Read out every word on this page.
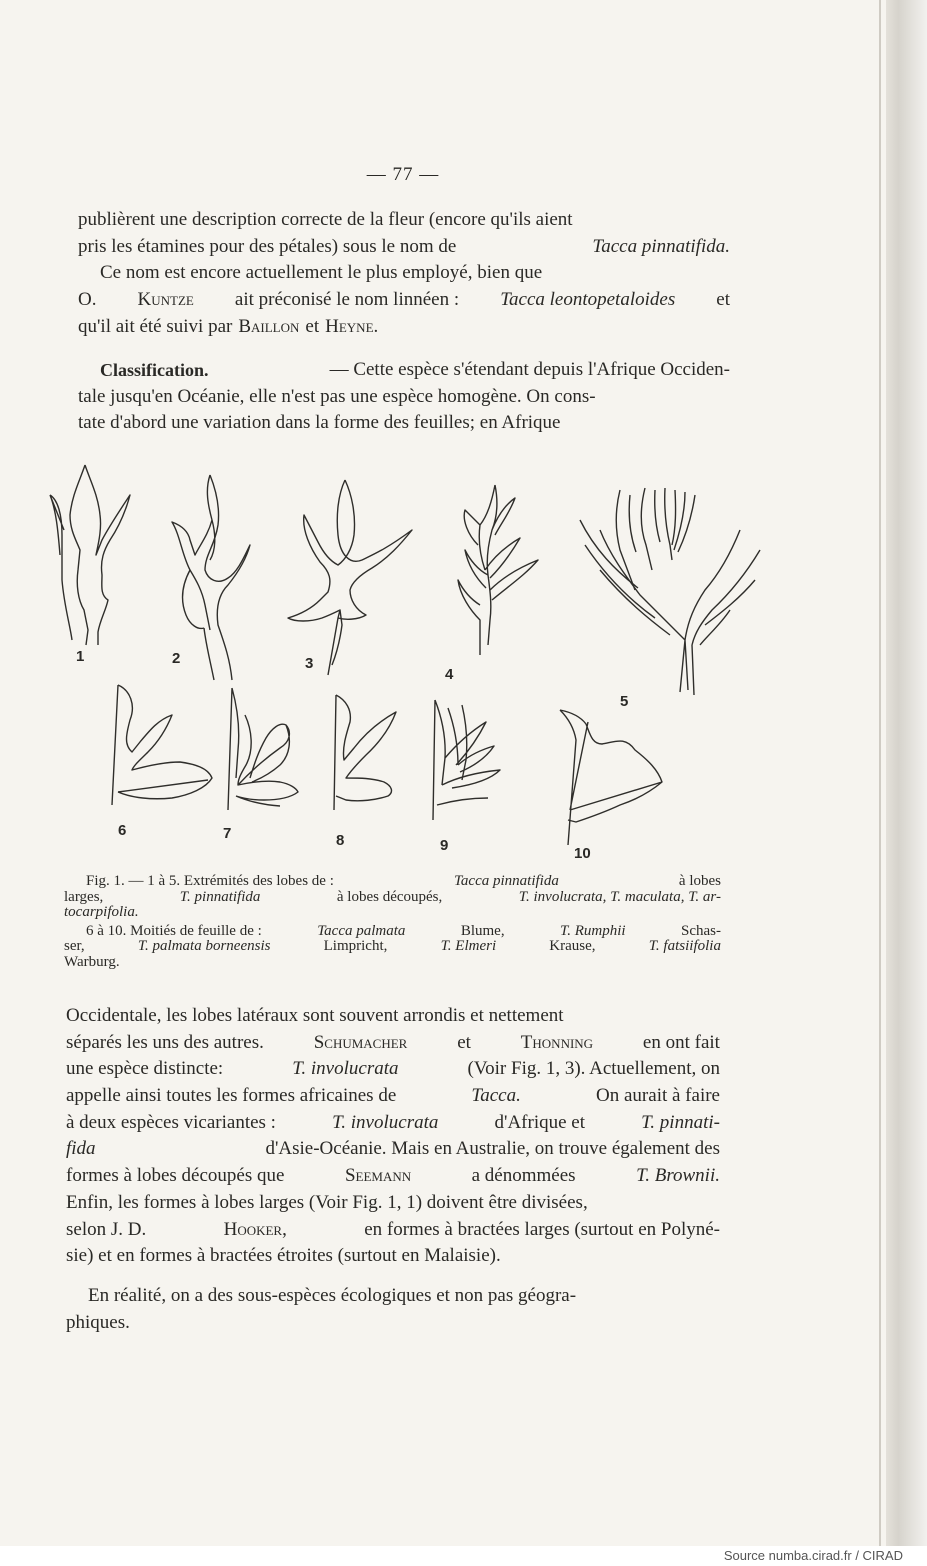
— 77 —
publièrent une description correcte de la fleur (encore qu'ils aient
pris les étamines pour des pétales) sous le nom de	Tacca pinnatifida.
Ce nom est encore actuellement le plus employé, bien que
O. Kuntze ait préconisé le nom linnéen : Tacca leontopetaloides et
qu'il ait été suivi par Baillon et Heyne.
Classification.	— Cette espèce s'étendant depuis l'Afrique Occiden-
tale jusqu'en Océanie, elle n'est pas une espèce homogène. On cons-
tate d'abord une variation dans la forme des feuilles; en Afrique
1	2	3
4
5
6	7	8	9	10
Fig. 1. — 1 à 5. Extrémités des lobes de :	Tacca pinnatifida	à lobes
larges,	T. pinnatifida	à lobes découpés,	T. involucrata, T. maculata, T. ar-
tocarpifolia.
6 à 10. Moitiés de feuille de :	Tacca palmata	Blume,	T. Rumphii	Schas-
ser,	T. palmata borneensis	Limpricht,	T. Elmeri	Krause,	T. fatsiifolia
Warburg.
Occidentale, les lobes latéraux sont souvent arrondis et nettement
séparés les uns des autres.	Schumacher	et	Thonning	en ont fait
une espèce distincte:	T. involucrata	(Voir Fig. 1, 3). Actuellement, on
appelle ainsi toutes les formes africaines de	Tacca.	On aurait à faire
à deux espèces vicariantes :	T. involucrata	d'Afrique et	T. pinnati-
fida	d'Asie-Océanie. Mais en Australie, on trouve également des
formes à lobes découpés que	Seemann	a dénommées	T. Brownii.
Enfin, les formes à lobes larges (Voir Fig. 1, 1) doivent être divisées,
selon J. D.	Hooker,	en formes à bractées larges (surtout en Polyné-
sie) et en formes à bractées étroites (surtout en Malaisie).
En réalité, on a des sous-espèces écologiques et non pas géogra-
phiques.
Source numba.cirad.fr / CIRAD
